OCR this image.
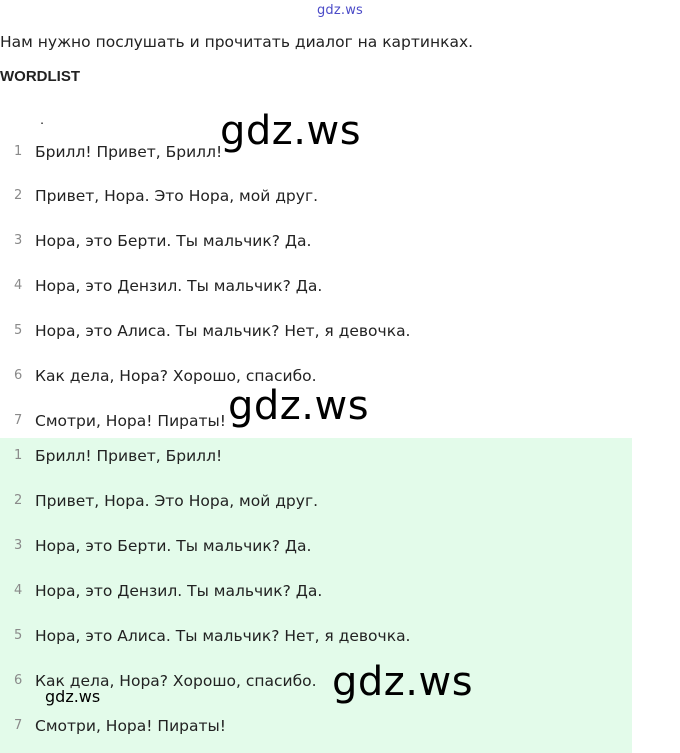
gdz.ws
Нам нужно послушать и прочитать диалог на картинках.
WORDLIST
1 Брилл! Привет, Брилл!
2 Привет, Нора. Это Нора, мой друг.
3 Нора, это Берти. Ты мальчик? Да.
4 Нора, это Дензил. Ты мальчик? Да.
5 Нора, это Алиса. Ты мальчик? Нет, я девочка.
6 Как дела, Нора? Хорошо, спасибо.
7 Смотри, Нора! Пираты!
1 Брилл! Привет, Брилл!
2 Привет, Нора. Это Нора, мой друг.
3 Нора, это Берти. Ты мальчик? Да.
4 Нора, это Дензил. Ты мальчик? Да.
5 Нора, это Алиса. Ты мальчик? Нет, я девочка.
6 Как дела, Нора? Хорошо, спасибо.
7 Смотри, Нора! Пираты!
gdz.ws
gdz.ws
gdz.ws
gdz.ws
